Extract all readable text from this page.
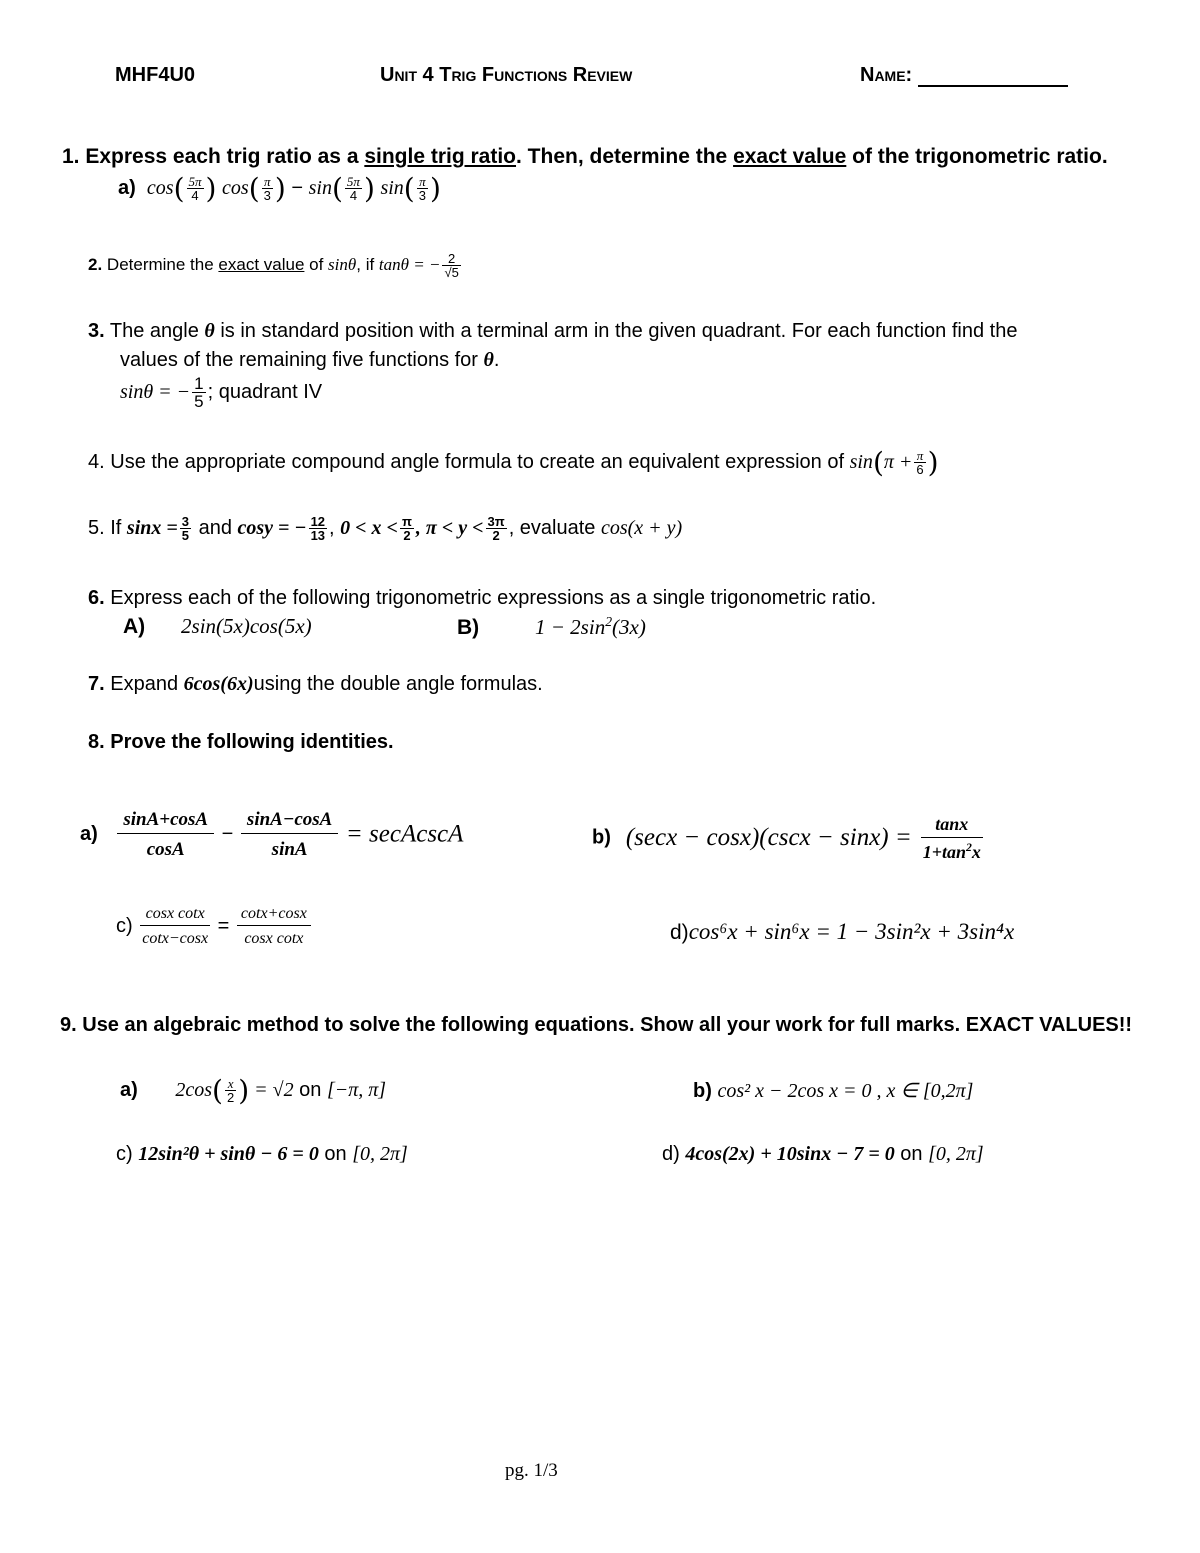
MHF4U0	Unit 4 Trig Functions Review	Name:
1. Express each trig ratio as a single trig ratio. Then, determine the exact value of the trigonometric ratio.
a) $\cos( \frac{5\pi}{4}$ ) $\cos( \frac{\pi}{3}$ ) − $\sin( \frac{5\pi}{4}$ ) $\sin( \frac{\pi}{3}$ )
2. Determine the exact value of sinθ, if tanθ = − $\frac{2}{√5}$
3. The angle θ is in standard position with a terminal arm in the given quadrant. For each function find the
values of the remaining five functions for θ.
sinθ = − $\frac{1}{5}$ ; quadrant IV
4. Use the appropriate compound angle formula to create an equivalent expression of $\sin(\pi + \frac{\pi}{6}$ )
5. If $\sin x = \frac{3}{5}$ and cosy = − $\frac{12}{13}$ , $0 < x < \frac{\pi}{2}$ , $\pi < y < \frac{3\pi}{2}$ , evaluate cos(x + y)
6. Express each of the following trigonometric expressions as a single trigonometric ratio.
A) 2sin(5x)cos(5x)	B)	$1 - 2\sin^2(3x)$
7. Expand 6cos(6x)using the double angle formulas.
8. Prove the following identities.
$a) \frac{\sin A+\cos A}{\cos A} - \frac{\sin A-\cos A}{\sin A}$ = secAcscA	b) $(\sec x - \cos x)(\csc x - \sin x) = \frac{\tan x}{1+\tan^2x}$
$c) \frac{\text{cosx cotx}}{\cot x-\cos x} = \frac{\cot x+\cos x}{\text{cosx cotx}}$	d)cos⁶x + sin⁶x = 1 − 3sin²x + 3sin⁴x
9. Use an algebraic method to solve the following equations. Show all your work for full marks. EXACT VALUES!!
a) $2\cos( \frac{x}{2}$ ) = √2 on [−π, π]	b) cos² x − 2cos x = 0 , x ∈ [0,2π]
c) 12sin²θ + sinθ − 6 = 0 on [0, 2π]	d) 4cos(2x) + 10sinx − 7 = 0 on [0, 2π]
pg. 1/3
